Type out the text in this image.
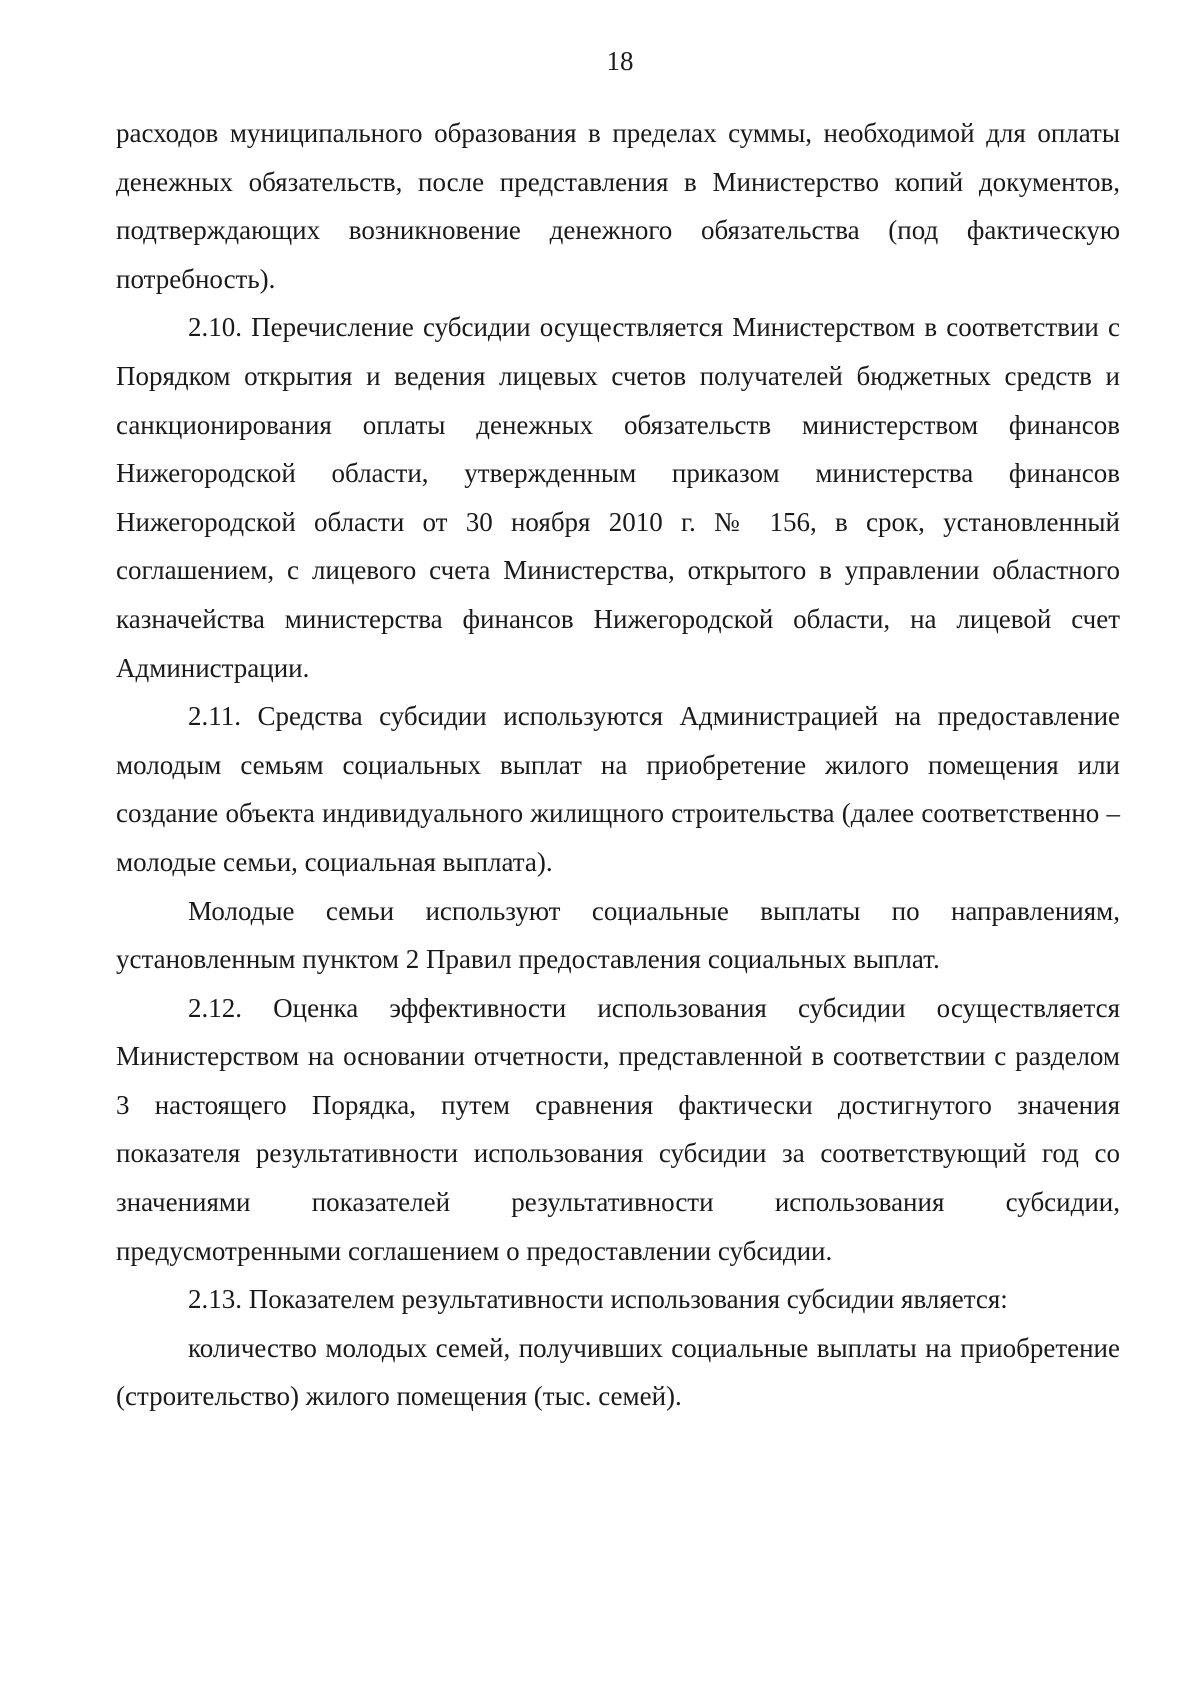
18

расходов муниципального образования в пределах суммы, необходимой для оплаты денежных обязательств, после представления в Министерство копий документов, подтверждающих возникновение денежного обязательства (под фактическую потребность).

2.10. Перечисление субсидии осуществляется Министерством в соответствии с Порядком открытия и ведения лицевых счетов получателей бюджетных средств и санкционирования оплаты денежных обязательств министерством финансов Нижегородской области, утвержденным приказом министерства финансов Нижегородской области от 30 ноября 2010 г. № 156, в срок, установленный соглашением, с лицевого счета Министерства, открытого в управлении областного казначейства министерства финансов Нижегородской области, на лицевой счет Администрации.

2.11. Средства субсидии используются Администрацией на предоставление молодым семьям социальных выплат на приобретение жилого помещения или создание объекта индивидуального жилищного строительства (далее соответственно – молодые семьи, социальная выплата).

Молодые семьи используют социальные выплаты по направлениям, установленным пунктом 2 Правил предоставления социальных выплат.

2.12. Оценка эффективности использования субсидии осуществляется Министерством на основании отчетности, представленной в соответствии с разделом 3 настоящего Порядка, путем сравнения фактически достигнутого значения показателя результативности использования субсидии за соответствующий год со значениями показателей результативности использования субсидии, предусмотренными соглашением о предоставлении субсидии.

2.13. Показателем результативности использования субсидии является:

количество молодых семей, получивших социальные выплаты на приобретение (строительство) жилого помещения (тыс. семей).
